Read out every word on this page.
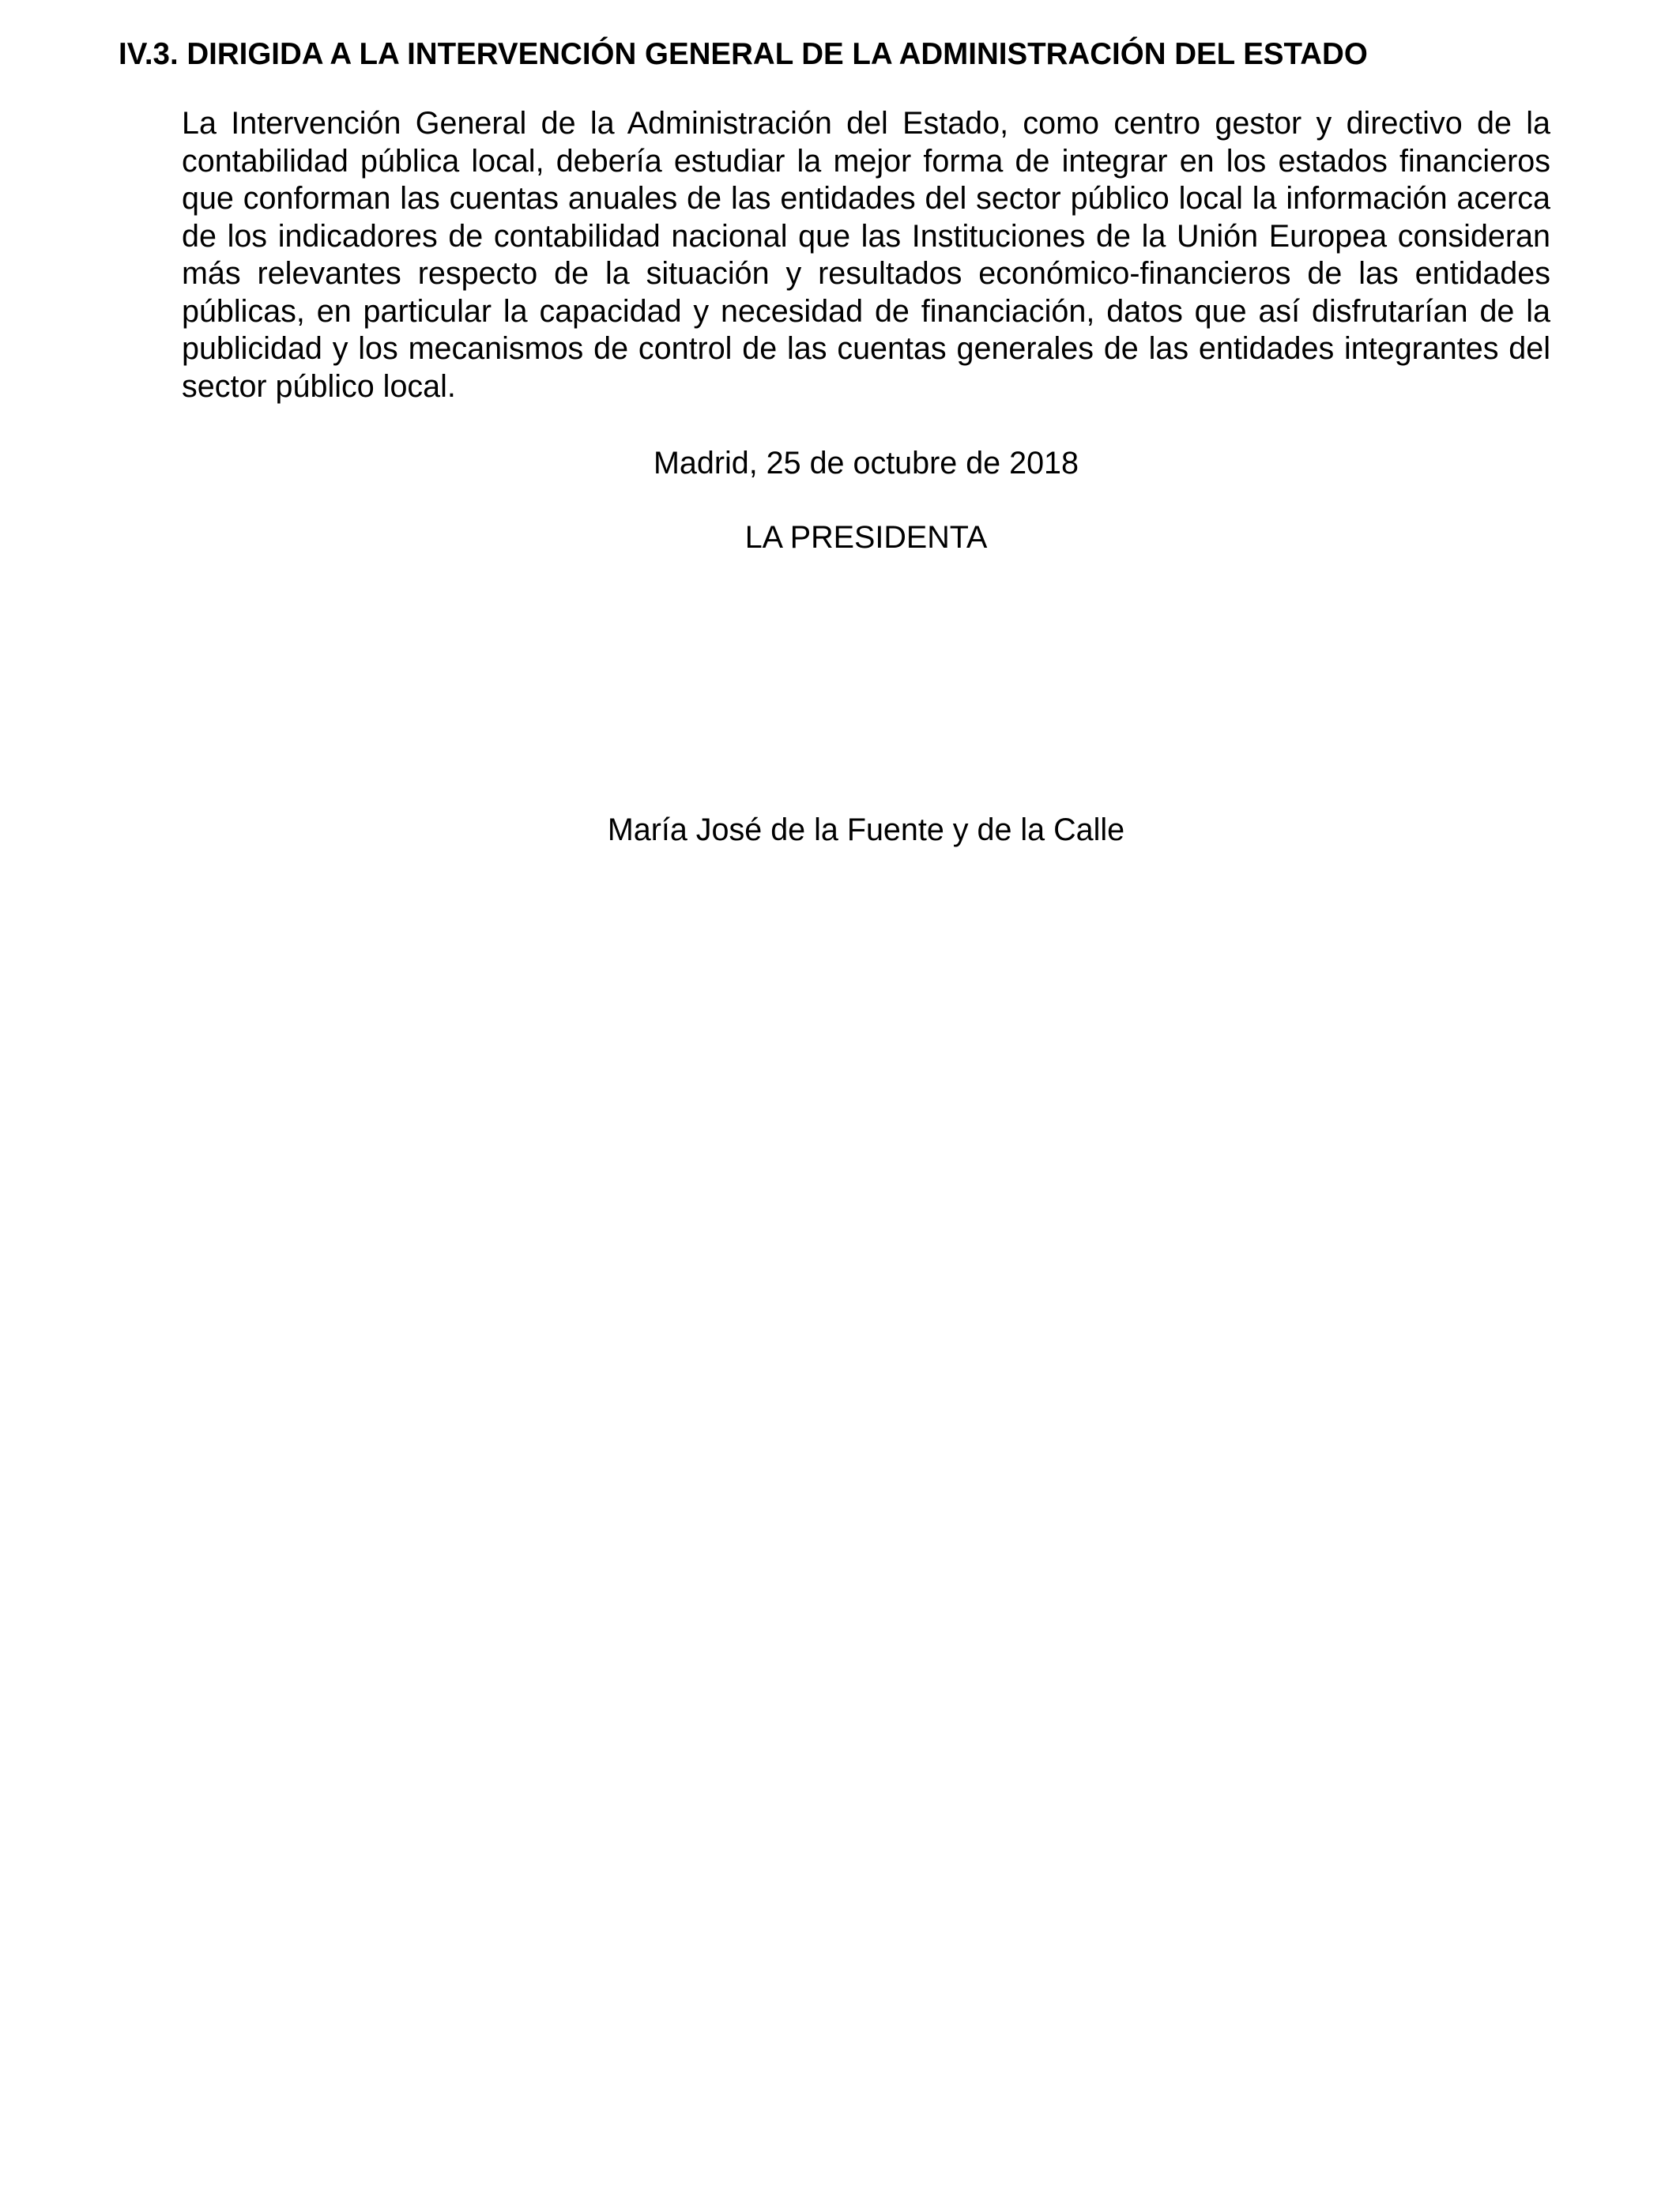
IV.3. DIRIGIDA A LA INTERVENCIÓN GENERAL DE LA ADMINISTRACIÓN DEL ESTADO

La Intervención General de la Administración del Estado, como centro gestor y directivo de la contabilidad pública local, debería estudiar la mejor forma de integrar en los estados financieros que conforman las cuentas anuales de las entidades del sector público local la información acerca de los indicadores de contabilidad nacional que las Instituciones de la Unión Europea consideran más relevantes respecto de la situación y resultados económico-financieros de las entidades públicas, en particular la capacidad y necesidad de financiación, datos que así disfrutarían de la publicidad y los mecanismos de control de las cuentas generales de las entidades integrantes del sector público local.

Madrid, 25 de octubre de 2018

LA PRESIDENTA

María José de la Fuente y de la Calle
